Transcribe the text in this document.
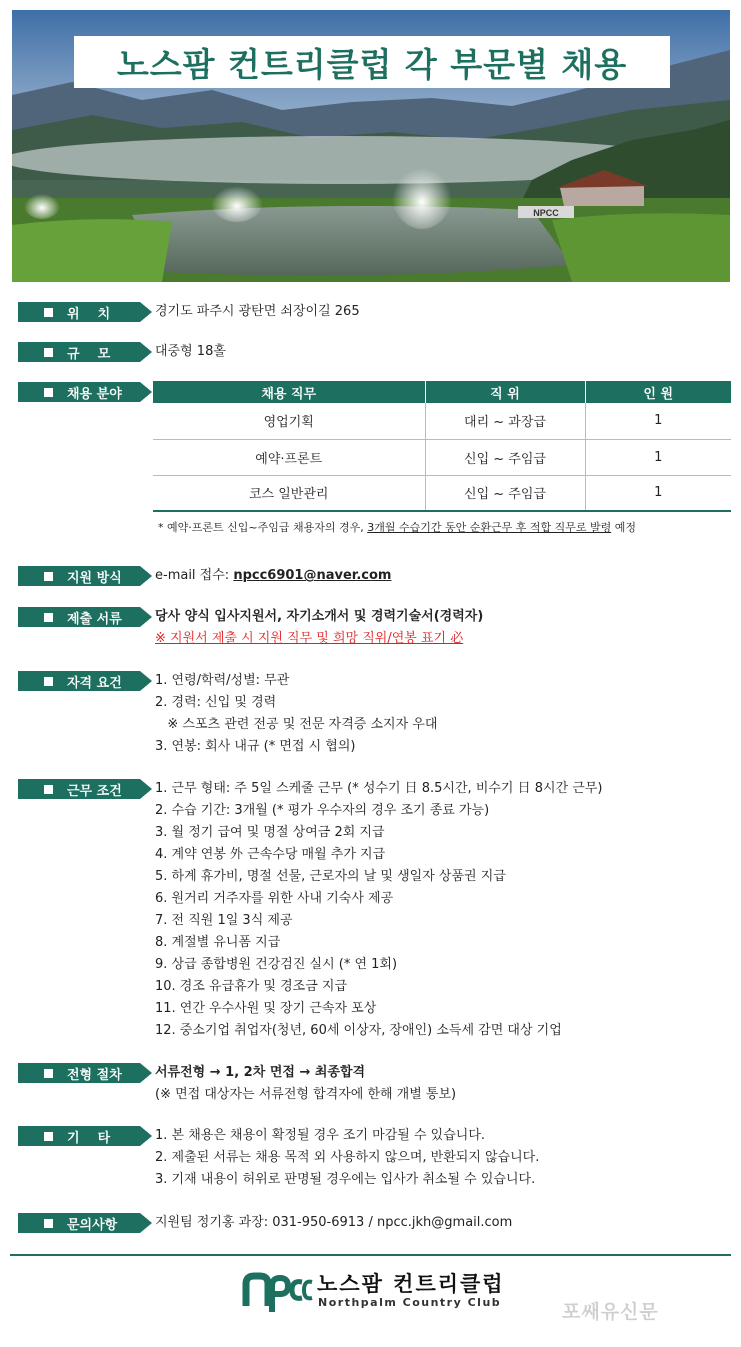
NPCC
노스팜 컨트리클럽 각 부문별 채용
위    치	경기도 파주시 광탄면 쇠장이길 265
규    모	대중형 18홀
채용 분야	채용 직무	직 위	인 원
영업기획	대리 ~ 과장급	1
예약·프론트	신입 ~ 주임급	1
코스 일반관리	신입 ~ 주임급	1
* 예약·프론트 신입~주임급 채용자의 경우, 3개월 수습기간 동안 순환근무 후 적합 직무로 발령 예정
지원 방식	e-mail 접수: npcc6901@naver.com
제출 서류	당사 양식 입사지원서, 자기소개서 및 경력기술서(경력자)
※ 지원서 제출 시 지원 직무 및 희망 직위/연봉 표기 必
자격 요건	1. 연령/학력/성별: 무관
2. 경력: 신입 및 경력
※ 스포츠 관련 전공 및 전문 자격증 소지자 우대
3. 연봉: 회사 내규 (* 면접 시 협의)
근무 조건	1. 근무 형태: 주 5일 스케줄 근무 (* 성수기 日 8.5시간, 비수기 日 8시간 근무)
2. 수습 기간: 3개월 (* 평가 우수자의 경우 조기 종료 가능)
3. 월 정기 급여 및 명절 상여금 2회 지급
4. 계약 연봉 外 근속수당 매월 추가 지급
5. 하계 휴가비, 명절 선물, 근로자의 날 및 생일자 상품권 지급
6. 원거리 거주자를 위한 사내 기숙사 제공
7. 전 직원 1일 3식 제공
8. 계절별 유니폼 지급
9. 상급 종합병원 건강검진 실시 (* 연 1회)
10. 경조 유급휴가 및 경조금 지급
11. 연간 우수사원 및 장기 근속자 포상
12. 중소기업 취업자(청년, 60세 이상자, 장애인) 소득세 감면 대상 기업
전형 절차	서류전형 → 1, 2차 면접 → 최종합격
(※ 면접 대상자는 서류전형 합격자에 한해 개별 통보)
기    타	1. 본 채용은 채용이 확정될 경우 조기 마감될 수 있습니다.
2. 제출된 서류는 채용 목적 외 사용하지 않으며, 반환되지 않습니다.
3. 기재 내용이 허위로 판명될 경우에는 입사가 취소될 수 있습니다.
문의사항	지원팀 정기홍 과장: 031-950-6913 / npcc.jkh@gmail.com
노스팜 컨트리클럽
Northpalm Country Club	포쌔유신문
